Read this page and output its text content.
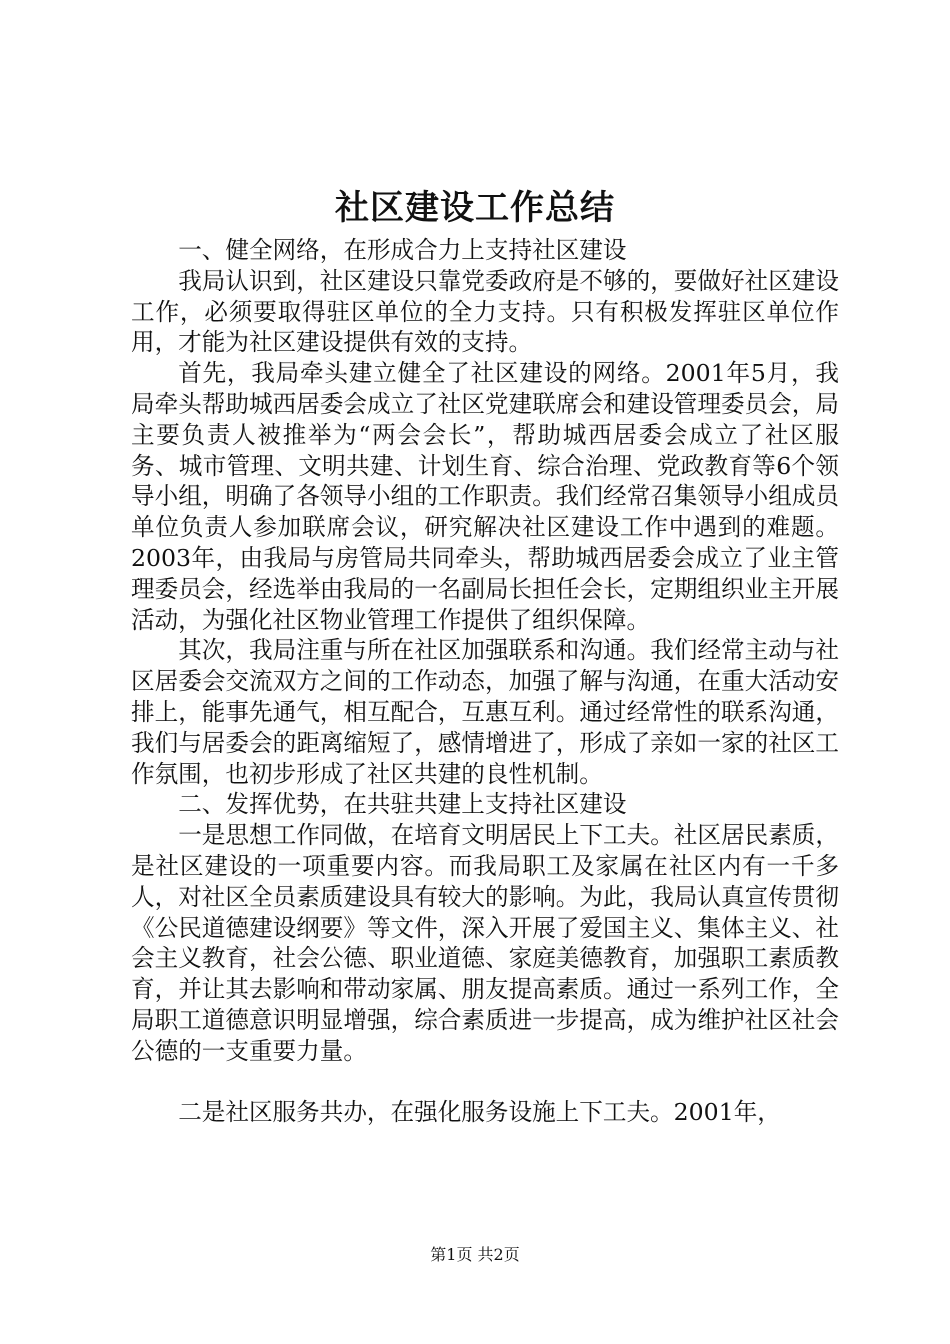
社区建设工作总结

一、健全网络，在形成合力上支持社区建设

我局认识到，社区建设只靠党委政府是不够的，要做好社区建设工作，必须要取得驻区单位的全力支持。只有积极发挥驻区单位作用，才能为社区建设提供有效的支持。

首先，我局牵头建立健全了社区建设的网络。2001年5月，我局牵头帮助城西居委会成立了社区党建联席会和建设管理委员会，局主要负责人被推举为“两会会长”，帮助城西居委会成立了社区服务、城市管理、文明共建、计划生育、综合治理、党政教育等6个领导小组，明确了各领导小组的工作职责。我们经常召集领导小组成员单位负责人参加联席会议，研究解决社区建设工作中遇到的难题。2003年，由我局与房管局共同牵头，帮助城西居委会成立了业主管理委员会，经选举由我局的一名副局长担任会长，定期组织业主开展活动，为强化社区物业管理工作提供了组织保障。

其次，我局注重与所在社区加强联系和沟通。我们经常主动与社区居委会交流双方之间的工作动态，加强了解与沟通，在重大活动安排上，能事先通气，相互配合，互惠互利。通过经常性的联系沟通，我们与居委会的距离缩短了，感情增进了，形成了亲如一家的社区工作氛围，也初步形成了社区共建的良性机制。

二、发挥优势，在共驻共建上支持社区建设

一是思想工作同做，在培育文明居民上下工夫。社区居民素质，是社区建设的一项重要内容。而我局职工及家属在社区内有一千多人，对社区全员素质建设具有较大的影响。为此，我局认真宣传贯彻《公民道德建设纲要》等文件，深入开展了爱国主义、集体主义、社会主义教育，社会公德、职业道德、家庭美德教育，加强职工素质教育，并让其去影响和带动家属、朋友提高素质。通过一系列工作，全局职工道德意识明显增强，综合素质进一步提高，成为维护社区社会公德的一支重要力量。

二是社区服务共办，在强化服务设施上下工夫。2001年，

第1页 共2页
